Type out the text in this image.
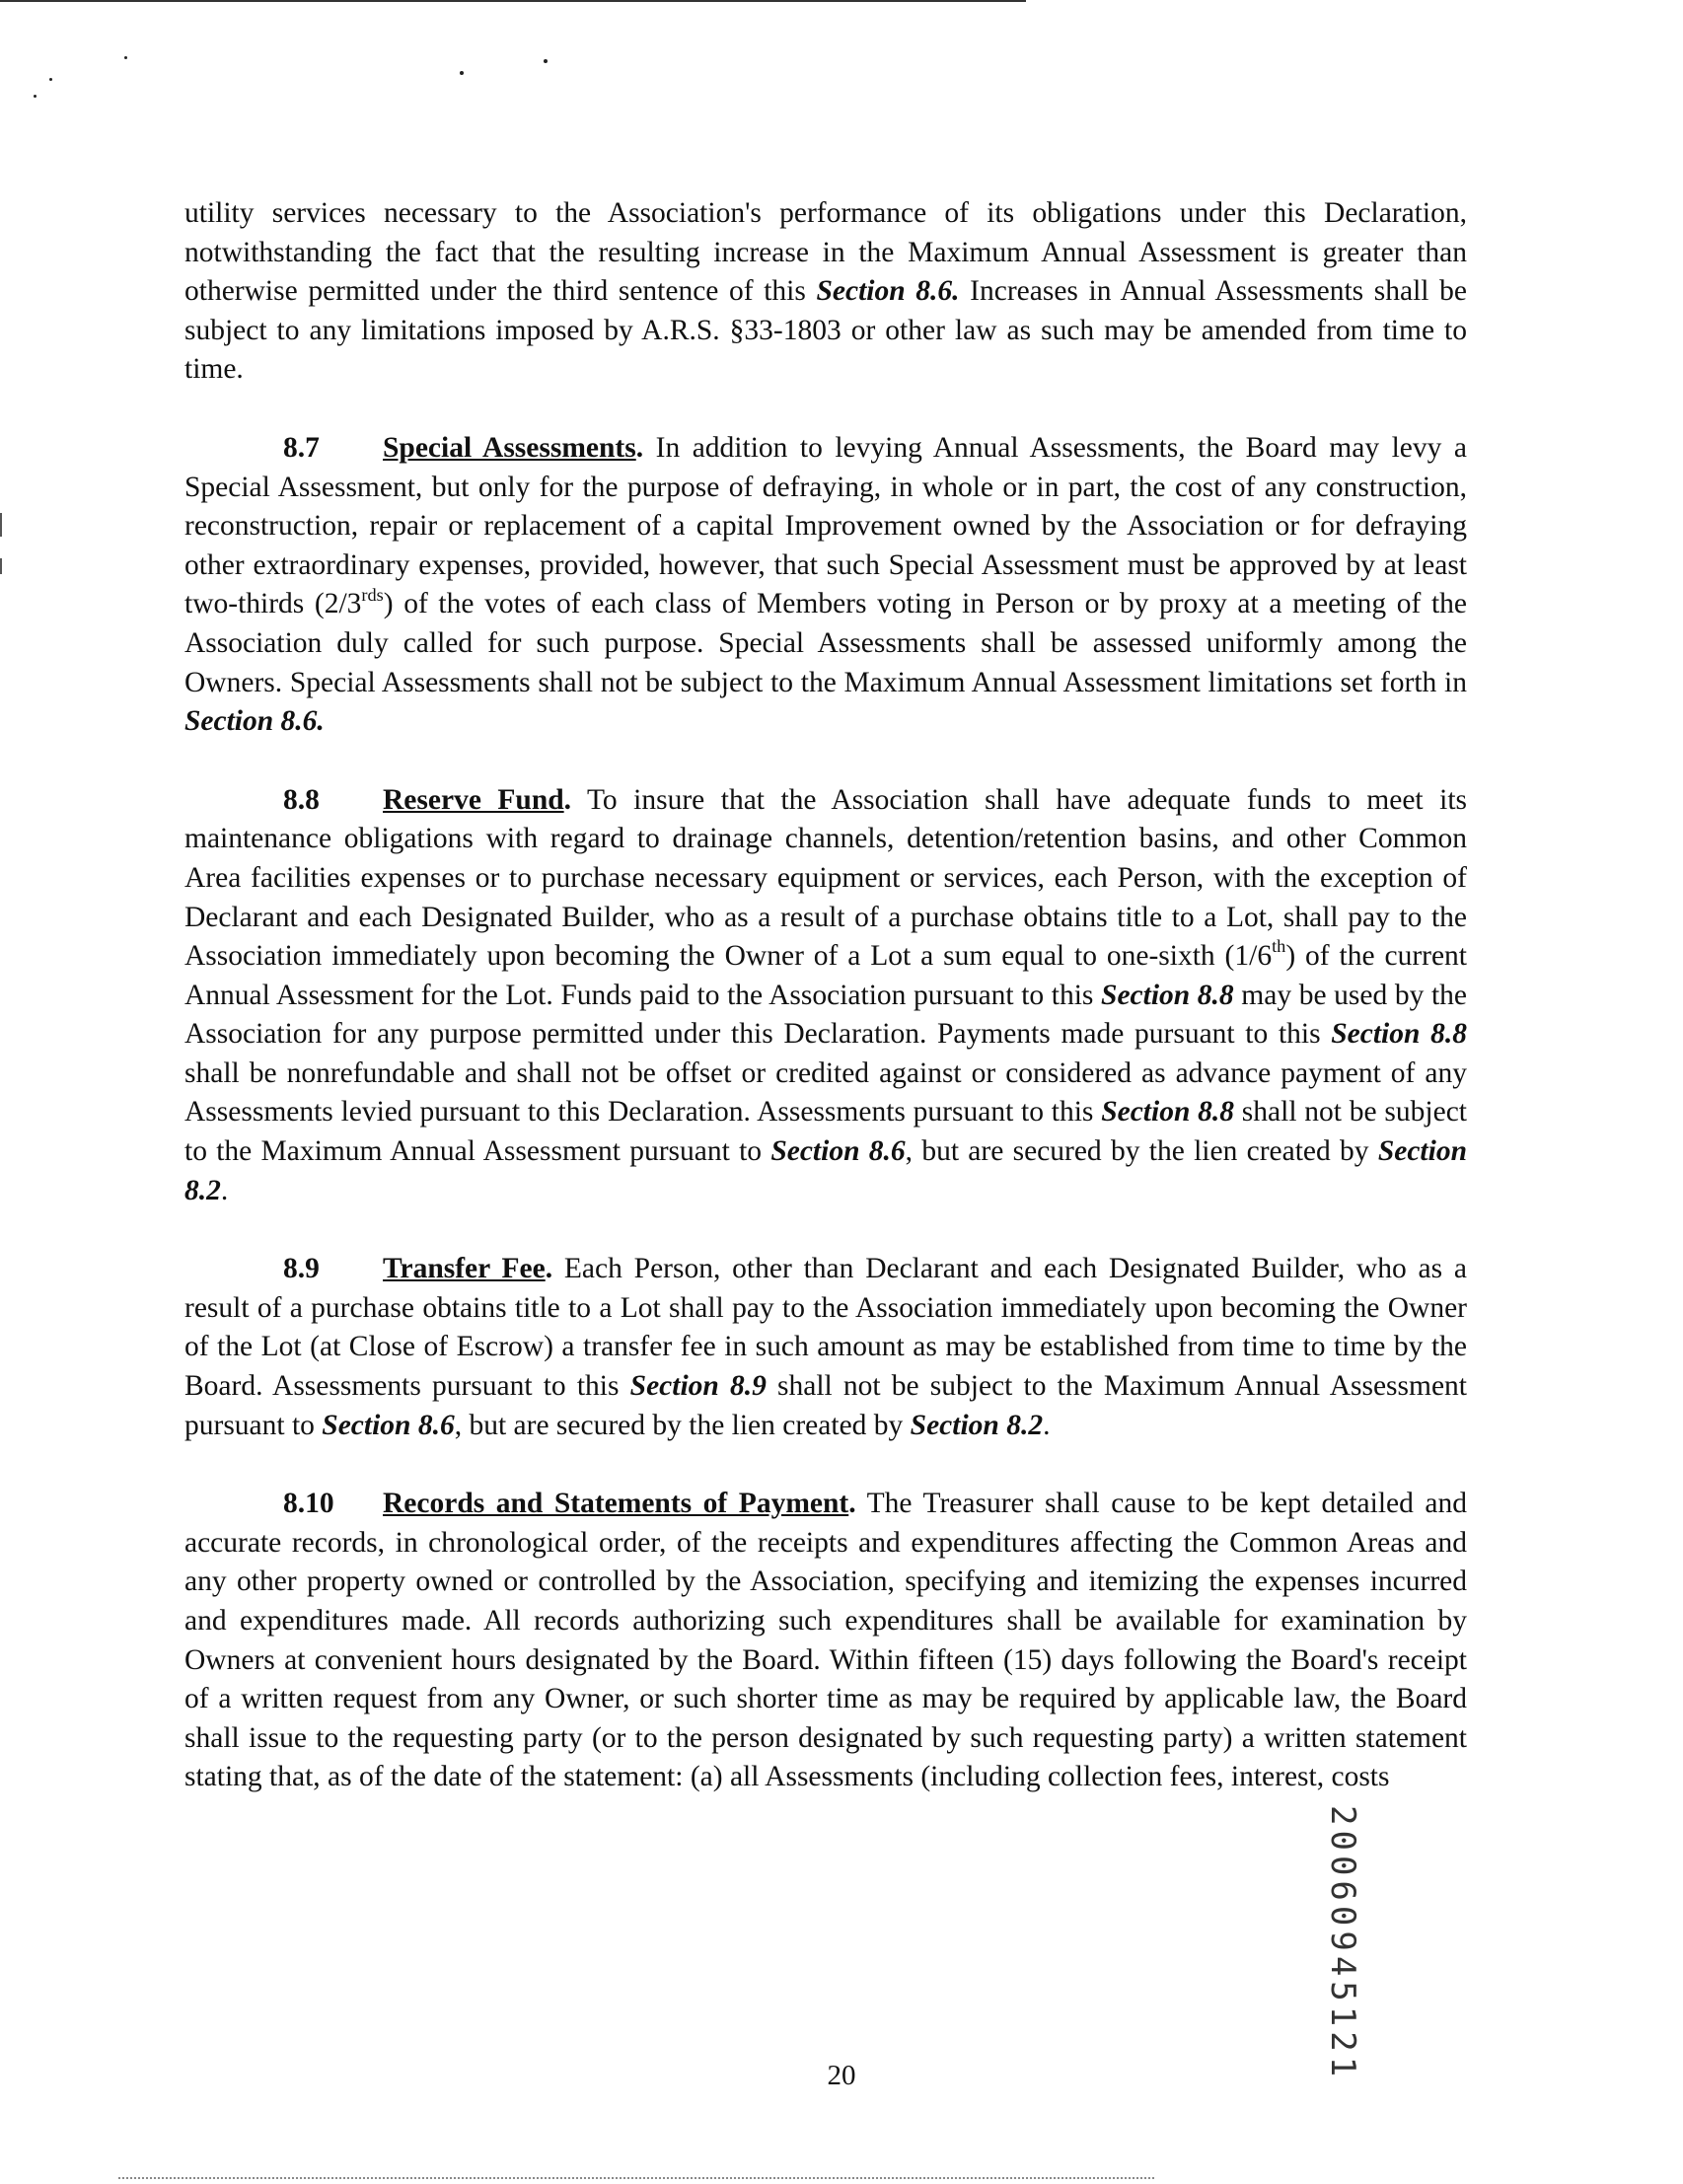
utility services necessary to the Association's performance of its obligations under this Declaration, notwithstanding the fact that the resulting increase in the Maximum Annual Assessment is greater than otherwise permitted under the third sentence of this Section 8.6. Increases in Annual Assessments shall be subject to any limitations imposed by A.R.S. §33-1803 or other law as such may be amended from time to time.

8.7 Special Assessments. In addition to levying Annual Assessments, the Board may levy a Special Assessment, but only for the purpose of defraying, in whole or in part, the cost of any construction, reconstruction, repair or replacement of a capital Improvement owned by the Association or for defraying other extraordinary expenses, provided, however, that such Special Assessment must be approved by at least two-thirds $(2/3^{rds})$ of the votes of each class of Members voting in Person or by proxy at a meeting of the Association duly called for such purpose. Special Assessments shall be assessed uniformly among the Owners. Special Assessments shall not be subject to the Maximum Annual Assessment limitations set forth in Section 8.6.

8.8 Reserve Fund. To insure that the Association shall have adequate funds to meet its maintenance obligations with regard to drainage channels, detention/retention basins, and other Common Area facilities expenses or to purchase necessary equipment or services, each Person, with the exception of Declarant and each Designated Builder, who as a result of a purchase obtains title to a Lot, shall pay to the Association immediately upon becoming the Owner of a Lot a sum equal to one-sixth (1/6th) of the current Annual Assessment for the Lot. Funds paid to the Association pursuant to this Section 8.8 may be used by the Association for any purpose permitted under this Declaration. Payments made pursuant to this Section 8.8 shall be nonrefundable and shall not be offset or credited against or considered as advance payment of any Assessments levied pursuant to this Declaration. Assessments pursuant to this Section 8.8 shall not be subject to the Maximum Annual Assessment pursuant to Section 8.6, but are secured by the lien created by Section 8.2.

8.9 Transfer Fee. Each Person, other than Declarant and each Designated Builder, who as a result of a purchase obtains title to a Lot shall pay to the Association immediately upon becoming the Owner of the Lot (at Close of Escrow) a transfer fee in such amount as may be established from time to time by the Board. Assessments pursuant to this Section 8.9 shall not be subject to the Maximum Annual Assessment pursuant to Section 8.6, but are secured by the lien created by Section 8.2.

8.10 Records and Statements of Payment. The Treasurer shall cause to be kept detailed and accurate records, in chronological order, of the receipts and expenditures affecting the Common Areas and any other property owned or controlled by the Association, specifying and itemizing the expenses incurred and expenditures made. All records authorizing such expenditures shall be available for examination by Owners at convenient hours designated by the Board. Within fifteen (15) days following the Board's receipt of a written request from any Owner, or such shorter time as may be required by applicable law, the Board shall issue to the requesting party (or to the person designated by such requesting party) a written statement stating that, as of the date of the statement: (a) all Assessments (including collection fees, interest, costs

20	20060945121
